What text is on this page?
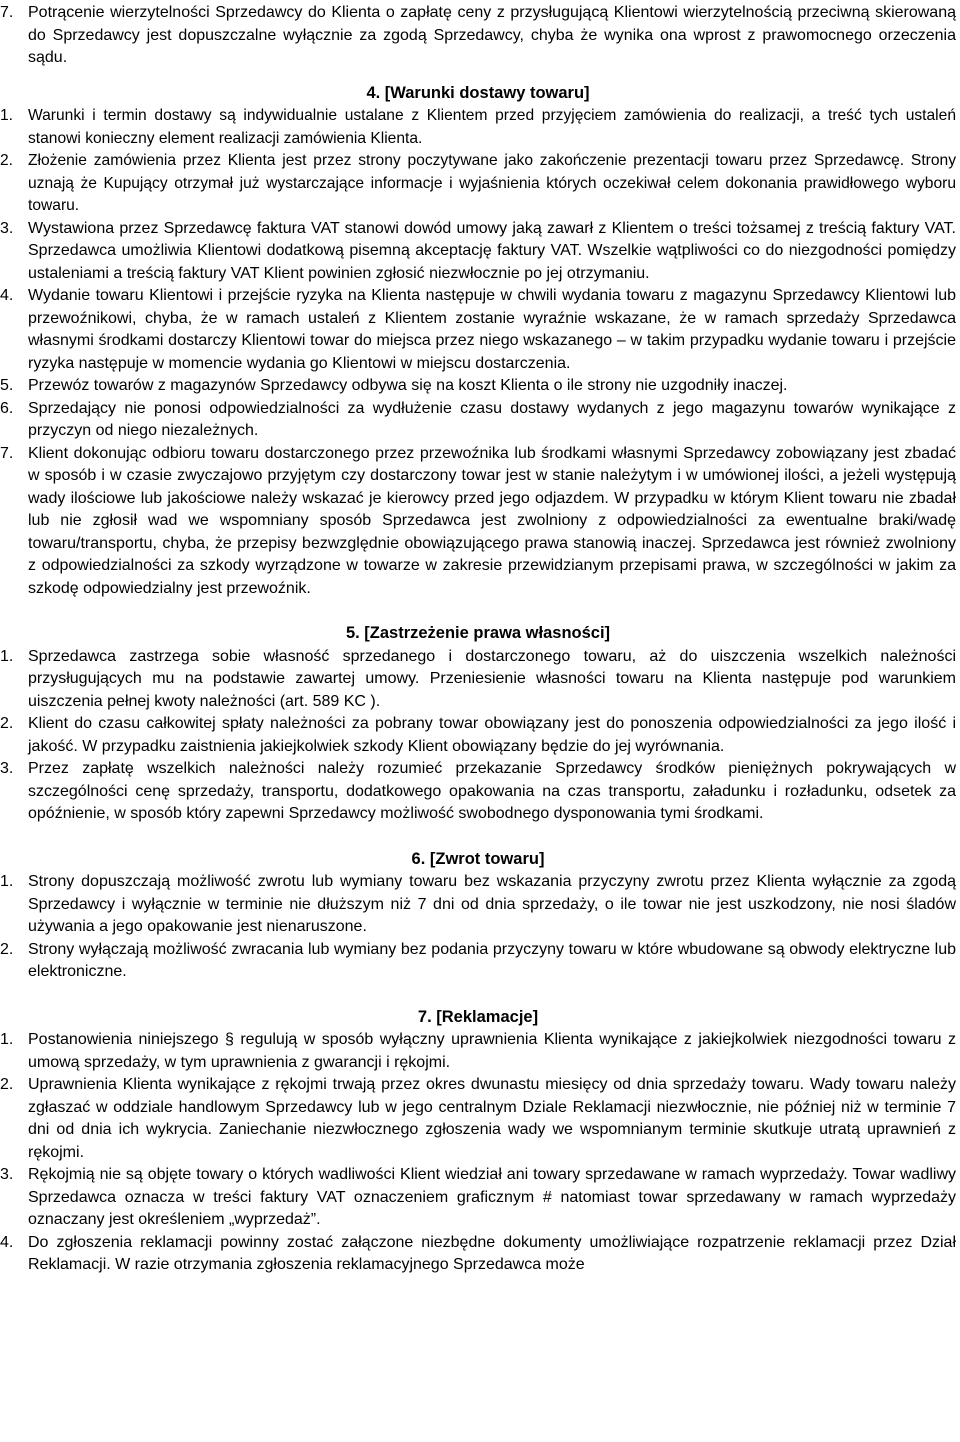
7. Potrącenie wierzytelności Sprzedawcy do Klienta o zapłatę ceny z przysługującą Klientowi wierzytelnością przeciwną skierowaną do Sprzedawcy jest dopuszczalne wyłącznie za zgodą Sprzedawcy, chyba że wynika ona wprost z prawomocnego orzeczenia sądu.
4. [Warunki dostawy towaru]
1. Warunki i termin dostawy są indywidualnie ustalane z Klientem przed przyjęciem zamówienia do realizacji, a treść tych ustaleń stanowi konieczny element realizacji zamówienia Klienta.
2. Złożenie zamówienia przez Klienta jest przez strony poczytywane jako zakończenie prezentacji towaru przez Sprzedawcę. Strony uznają że Kupujący otrzymał już wystarczające informacje i wyjaśnienia których oczekiwał celem dokonania prawidłowego wyboru towaru.
3. Wystawiona przez Sprzedawcę faktura VAT stanowi dowód umowy jaką zawarł z Klientem o treści tożsamej z treścią faktury VAT. Sprzedawca umożliwia Klientowi dodatkową pisemną akceptację faktury VAT. Wszelkie wątpliwości co do niezgodności pomiędzy ustaleniami a treścią faktury VAT Klient powinien zgłosić niezwłocznie po jej otrzymaniu.
4. Wydanie towaru Klientowi i przejście ryzyka na Klienta następuje w chwili wydania towaru z magazynu Sprzedawcy Klientowi lub przewoźnikowi, chyba, że w ramach ustaleń z Klientem zostanie wyraźnie wskazane, że w ramach sprzedaży Sprzedawca własnymi środkami dostarczy Klientowi towar do miejsca przez niego wskazanego – w takim przypadku wydanie towaru i przejście ryzyka następuje w momencie wydania go Klientowi w miejscu dostarczenia.
5. Przewóz towarów z magazynów Sprzedawcy odbywa się na koszt Klienta o ile strony nie uzgodniły inaczej.
6. Sprzedający nie ponosi odpowiedzialności za wydłużenie czasu dostawy wydanych z jego magazynu towarów wynikające z przyczyn od niego niezależnych.
7. Klient dokonując odbioru towaru dostarczonego przez przewoźnika lub środkami własnymi Sprzedawcy zobowiązany jest zbadać w sposób i w czasie zwyczajowo przyjętym czy dostarczony towar jest w stanie należytym i w umówionej ilości, a jeżeli występują wady ilościowe lub jakościowe należy wskazać je kierowcy przed jego odjazdem. W przypadku w którym Klient towaru nie zbadał lub nie zgłosił wad we wspomniany sposób Sprzedawca jest zwolniony z odpowiedzialności za ewentualne braki/wadę towaru/transportu, chyba, że przepisy bezwzględnie obowiązującego prawa stanowią inaczej. Sprzedawca jest również zwolniony z odpowiedzialności za szkody wyrządzone w towarze w zakresie przewidzianym przepisami prawa, w szczególności w jakim za szkodę odpowiedzialny jest przewoźnik.
5. [Zastrzeżenie prawa własności]
1. Sprzedawca zastrzega sobie własność sprzedanego i dostarczonego towaru, aż do uiszczenia wszelkich należności przysługujących mu na podstawie zawartej umowy. Przeniesienie własności towaru na Klienta następuje pod warunkiem uiszczenia pełnej kwoty należności (art. 589 KC ).
2. Klient do czasu całkowitej spłaty należności za pobrany towar obowiązany jest do ponoszenia odpowiedzialności za jego ilość i jakość. W przypadku zaistnienia jakiejkolwiek szkody Klient obowiązany będzie do jej wyrównania.
3. Przez zapłatę wszelkich należności należy rozumieć przekazanie Sprzedawcy środków pieniężnych pokrywających w szczególności cenę sprzedaży, transportu, dodatkowego opakowania na czas transportu, załadunku i rozładunku, odsetek za opóźnienie, w sposób który zapewni Sprzedawcy możliwość swobodnego dysponowania tymi środkami.
6. [Zwrot towaru]
1. Strony dopuszczają możliwość zwrotu lub wymiany towaru bez wskazania przyczyny zwrotu przez Klienta wyłącznie za zgodą Sprzedawcy i wyłącznie w terminie nie dłuższym niż 7 dni od dnia sprzedaży, o ile towar nie jest uszkodzony, nie nosi śladów używania a jego opakowanie jest nienaruszone.
2. Strony wyłączają możliwość zwracania lub wymiany bez podania przyczyny towaru w które wbudowane są obwody elektryczne lub elektroniczne.
7. [Reklamacje]
1. Postanowienia niniejszego § regulują w sposób wyłączny uprawnienia Klienta wynikające z jakiejkolwiek niezgodności towaru z umową sprzedaży, w tym uprawnienia z gwarancji i rękojmi.
2. Uprawnienia Klienta wynikające z rękojmi trwają przez okres dwunastu miesięcy od dnia sprzedaży towaru. Wady towaru należy zgłaszać w oddziale handlowym Sprzedawcy lub w jego centralnym Dziale Reklamacji niezwłocznie, nie później niż w terminie 7 dni od dnia ich wykrycia. Zaniechanie niezwłocznego zgłoszenia wady we wspomnianym terminie skutkuje utratą uprawnień z rękojmi.
3. Rękojmią nie są objęte towary o których wadliwości Klient wiedział ani towary sprzedawane w ramach wyprzedaży. Towar wadliwy Sprzedawca oznacza w treści faktury VAT oznaczeniem graficznym # natomiast towar sprzedawany w ramach wyprzedaży oznaczany jest określeniem „wyprzedaż”.
4. Do zgłoszenia reklamacji powinny zostać załączone niezbędne dokumenty umożliwiające rozpatrzenie reklamacji przez Dział Reklamacji. W razie otrzymania zgłoszenia reklamacyjnego Sprzedawca może
